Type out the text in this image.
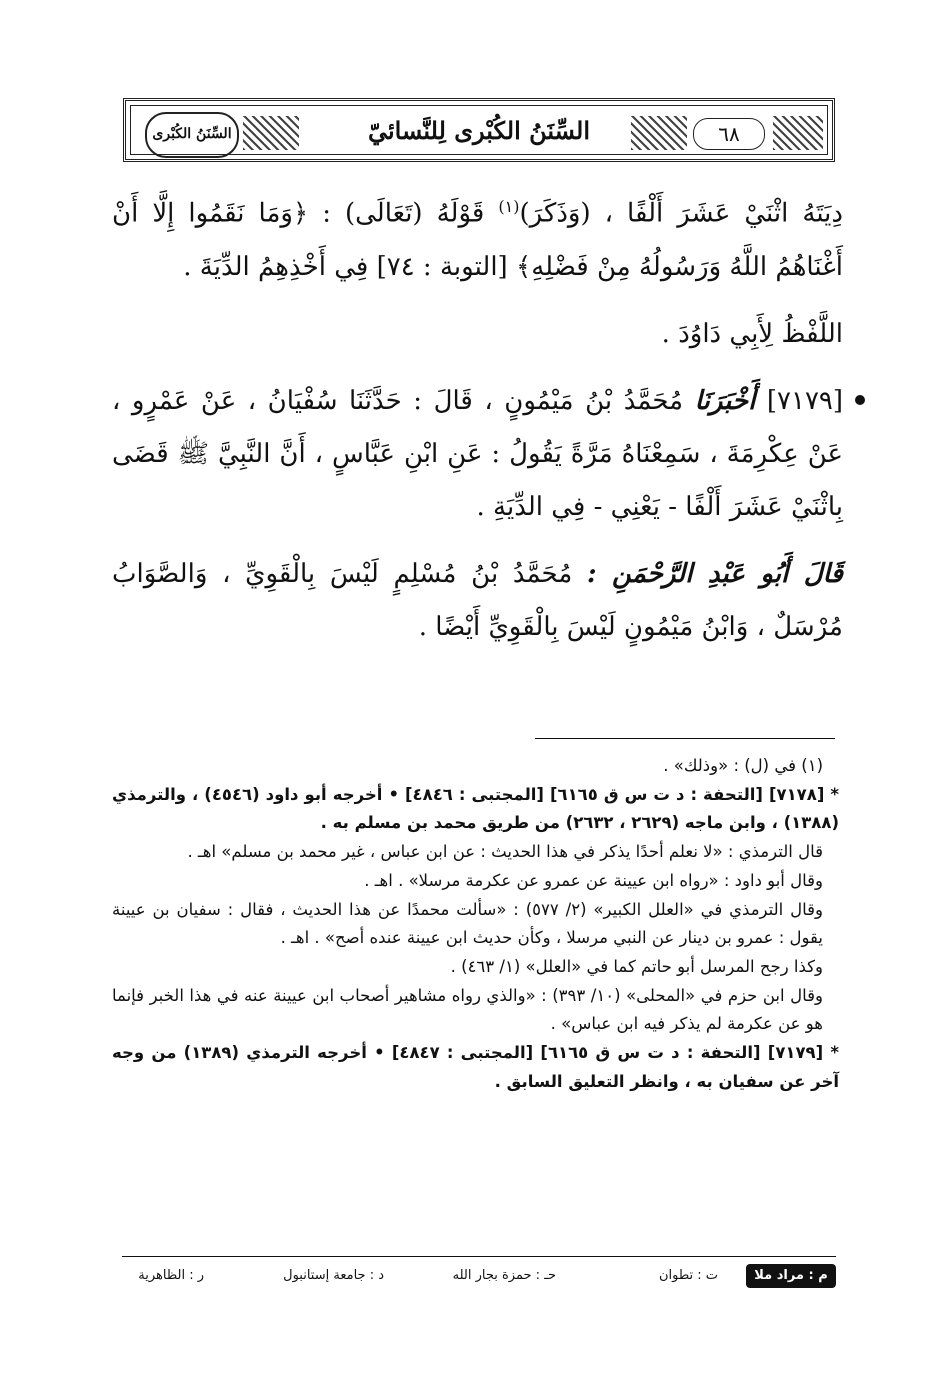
السِّنَنُ الكُبْرى	السِّنَنُ الكُبْرى لِلنَّسائيّ	٦٨

دِيَتَهُ اثْنَيْ عَشَرَ أَلْفًا ، (وَذَكَرَ)$^{(١)}$ قَوْلَهُ (تَعَالَى) : ﴿وَمَا نَقَمُوا إِلَّا أَنْ أَغْنَاهُمُ اللَّهُ وَرَسُولُهُ مِنْ فَضْلِهِ﴾ [التوبة : ٧٤] فِي أَخْذِهِمُ الدِّيَةَ .

اللَّفْظُ لِأَبِي دَاوُدَ .

[٧١٧٩] أَخْبَرَنَا مُحَمَّدُ بْنُ مَيْمُونٍ ، قَالَ : حَدَّثَنَا سُفْيَانُ ، عَنْ عَمْرٍو ، عَنْ عِكْرِمَةَ ، سَمِعْنَاهُ مَرَّةً يَقُولُ : عَنِ ابْنِ عَبَّاسٍ ، أَنَّ النَّبِيَّ ﷺ قَضَى بِاثْنَيْ عَشَرَ أَلْفًا - يَعْنِي - فِي الدِّيَةِ .

قَالَ أَبُو عَبْدِ الرَّحْمَنِ : مُحَمَّدُ بْنُ مُسْلِمٍ لَيْسَ بِالْقَوِيِّ ، وَالصَّوَابُ مُرْسَلٌ ، وَابْنُ مَيْمُونٍ لَيْسَ بِالْقَوِيِّ أَيْضًا .

(١) في (ل) : «وذلك» .

* [٧١٧٨] [التحفة : د ت س ق ٦١٦٥] [المجتبى : ٤٨٤٦] • أخرجه أبو داود (٤٥٤٦) ، والترمذي (١٣٨٨) ، وابن ماجه (٢٦٢٩ ، ٢٦٣٢) من طريق محمد بن مسلم به .

قال الترمذي : «لا نعلم أحدًا يذكر في هذا الحديث : عن ابن عباس ، غير محمد بن مسلم» اهـ .

وقال أبو داود : «رواه ابن عيينة عن عمرو عن عكرمة مرسلا» . اهـ .

وقال الترمذي في «العلل الكبير» (٢/ ٥٧٧) : «سألت محمدًا عن هذا الحديث ، فقال : سفيان بن عيينة يقول : عمرو بن دينار عن النبي مرسلا ، وكأن حديث ابن عيينة عنده أصح» . اهـ .

وكذا رجح المرسل أبو حاتم كما في «العلل» (١/ ٤٦٣) .

وقال ابن حزم في «المحلى» (١٠/ ٣٩٣) : «والذي رواه مشاهير أصحاب ابن عيينة عنه في هذا الخبر فإنما هو عن عكرمة لم يذكر فيه ابن عباس» .

* [٧١٧٩] [التحفة : د ت س ق ٦١٦٥] [المجتبى : ٤٨٤٧] • أخرجه الترمذي (١٣٨٩) من وجه آخر عن سفيان به ، وانظر التعليق السابق .

م : مراد ملا
ت : تطوان
حـ : حمزة بجار الله
د : جامعة إستانبول
ر : الظاهرية
